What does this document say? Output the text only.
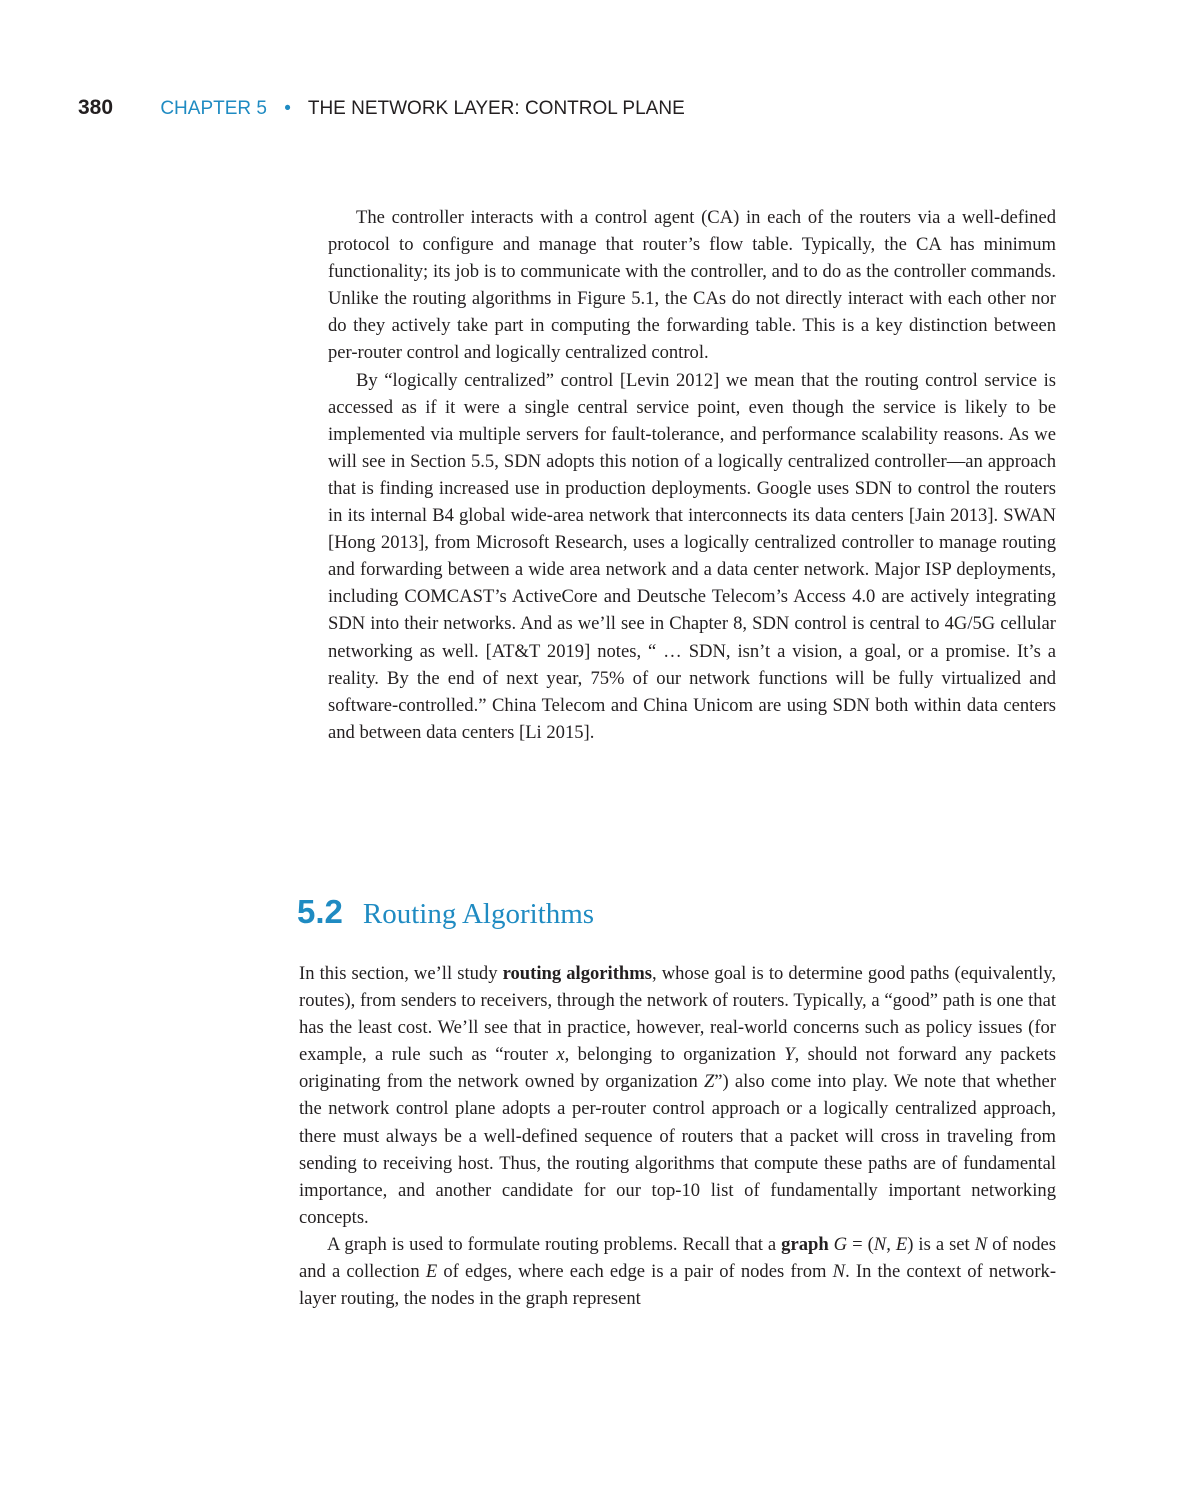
380 CHAPTER 5 • THE NETWORK LAYER: CONTROL PLANE

The controller interacts with a control agent (CA) in each of the routers via a well-defined protocol to configure and manage that router’s flow table. Typically, the CA has minimum functionality; its job is to communicate with the controller, and to do as the controller commands. Unlike the routing algorithms in Figure 5.1, the CAs do not directly interact with each other nor do they actively take part in computing the forwarding table. This is a key distinction between per-router control and logically centralized control.

By “logically centralized” control [Levin 2012] we mean that the routing control service is accessed as if it were a single central service point, even though the service is likely to be implemented via multiple servers for fault-tolerance, and performance scalability reasons. As we will see in Section 5.5, SDN adopts this notion of a logically centralized controller—an approach that is finding increased use in production deployments. Google uses SDN to control the routers in its internal B4 global wide-area network that interconnects its data centers [Jain 2013]. SWAN [Hong 2013], from Microsoft Research, uses a logically centralized controller to manage routing and forwarding between a wide area network and a data center network. Major ISP deployments, including COMCAST’s ActiveCore and Deutsche Telecom’s Access 4.0 are actively integrating SDN into their networks. And as we’ll see in Chapter 8, SDN control is central to 4G/5G cellular networking as well. [AT&T 2019] notes, “ … SDN, isn’t a vision, a goal, or a promise. It’s a reality. By the end of next year, 75% of our network functions will be fully virtualized and software-controlled.” China Telecom and China Unicom are using SDN both within data centers and between data centers [Li 2015].

5.2 Routing Algorithms

In this section, we’ll study routing algorithms, whose goal is to determine good paths (equivalently, routes), from senders to receivers, through the network of routers. Typically, a “good” path is one that has the least cost. We’ll see that in practice, however, real-world concerns such as policy issues (for example, a rule such as “router x, belonging to organization Y, should not forward any packets originating from the network owned by organization Z”) also come into play. We note that whether the network control plane adopts a per-router control approach or a logically centralized approach, there must always be a well-defined sequence of routers that a packet will cross in traveling from sending to receiving host. Thus, the routing algorithms that compute these paths are of fundamental importance, and another candidate for our top-10 list of fundamentally important networking concepts.

A graph is used to formulate routing problems. Recall that a graph G = (N, E) is a set N of nodes and a collection E of edges, where each edge is a pair of nodes from N. In the context of network-layer routing, the nodes in the graph represent
